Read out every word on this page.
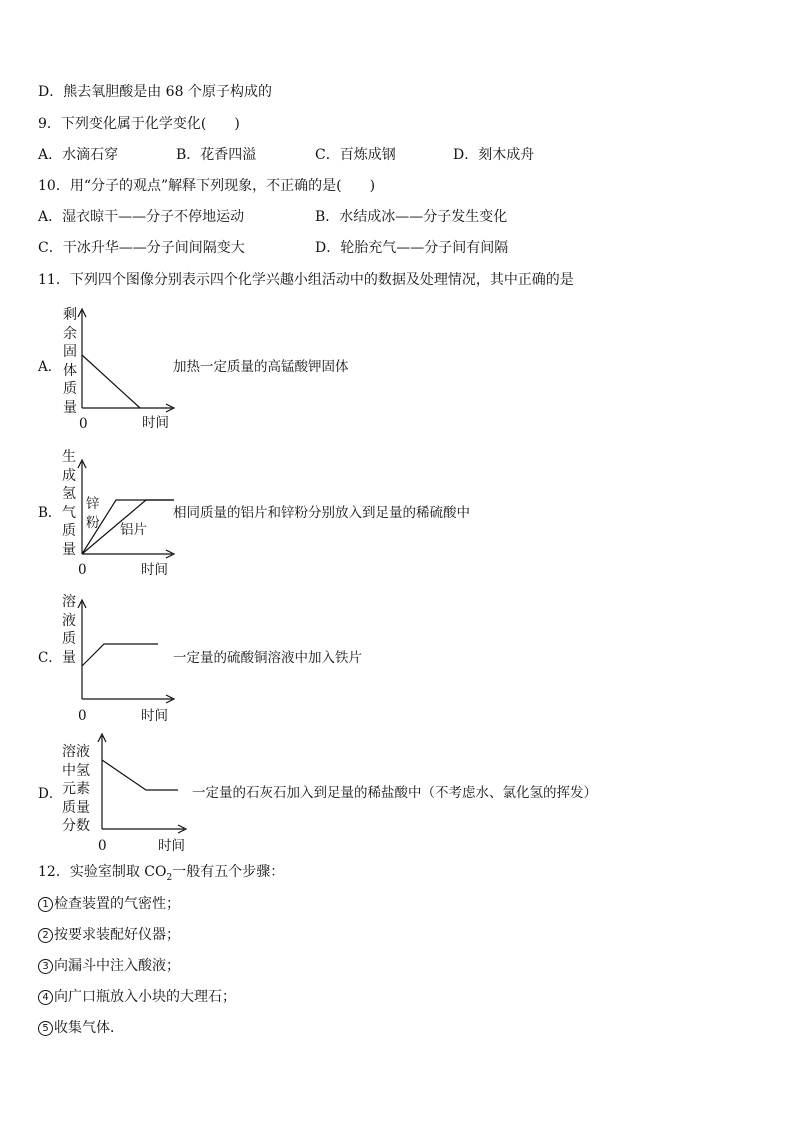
D．熊去氧胆酸是由 68 个原子构成的
9．下列变化属于化学变化(　　)
A．水滴石穿	B．花香四溢	C．百炼成钢	D．刻木成舟
10．用“分子的观点”解释下列现象，不正确的是(　　)
A．湿衣晾干——分子不停地运动	B．水结成冰——分子发生变化
C．干冰升华——分子间间隔变大	D．轮胎充气——分子间有间隔
11．下列四个图像分别表示四个化学兴趣小组活动中的数据及处理情况，其中正确的是
A．
剩
余
固
体
质
量
0	时间
加热一定质量的高锰酸钾固体
B．
生
成
氢
气
质
量
锌
粉 铝片
0	时间
相同质量的铝片和锌粉分别放入到足量的稀硫酸中
C．
溶
液
质
量
0	时间
一定量的硫酸铜溶液中加入铁片
D．
溶液
中氢
元素
质量
分数
0	时间
一定量的石灰石加入到足量的稀盐酸中（不考虑水、氯化氢的挥发）
12．实验室制取 $CO_2$一般有五个步骤：
1 检查装置的气密性；
2 按要求装配好仪器；
3 向漏斗中注入酸液；
4 向广口瓶放入小块的大理石；
5 收集气体．
